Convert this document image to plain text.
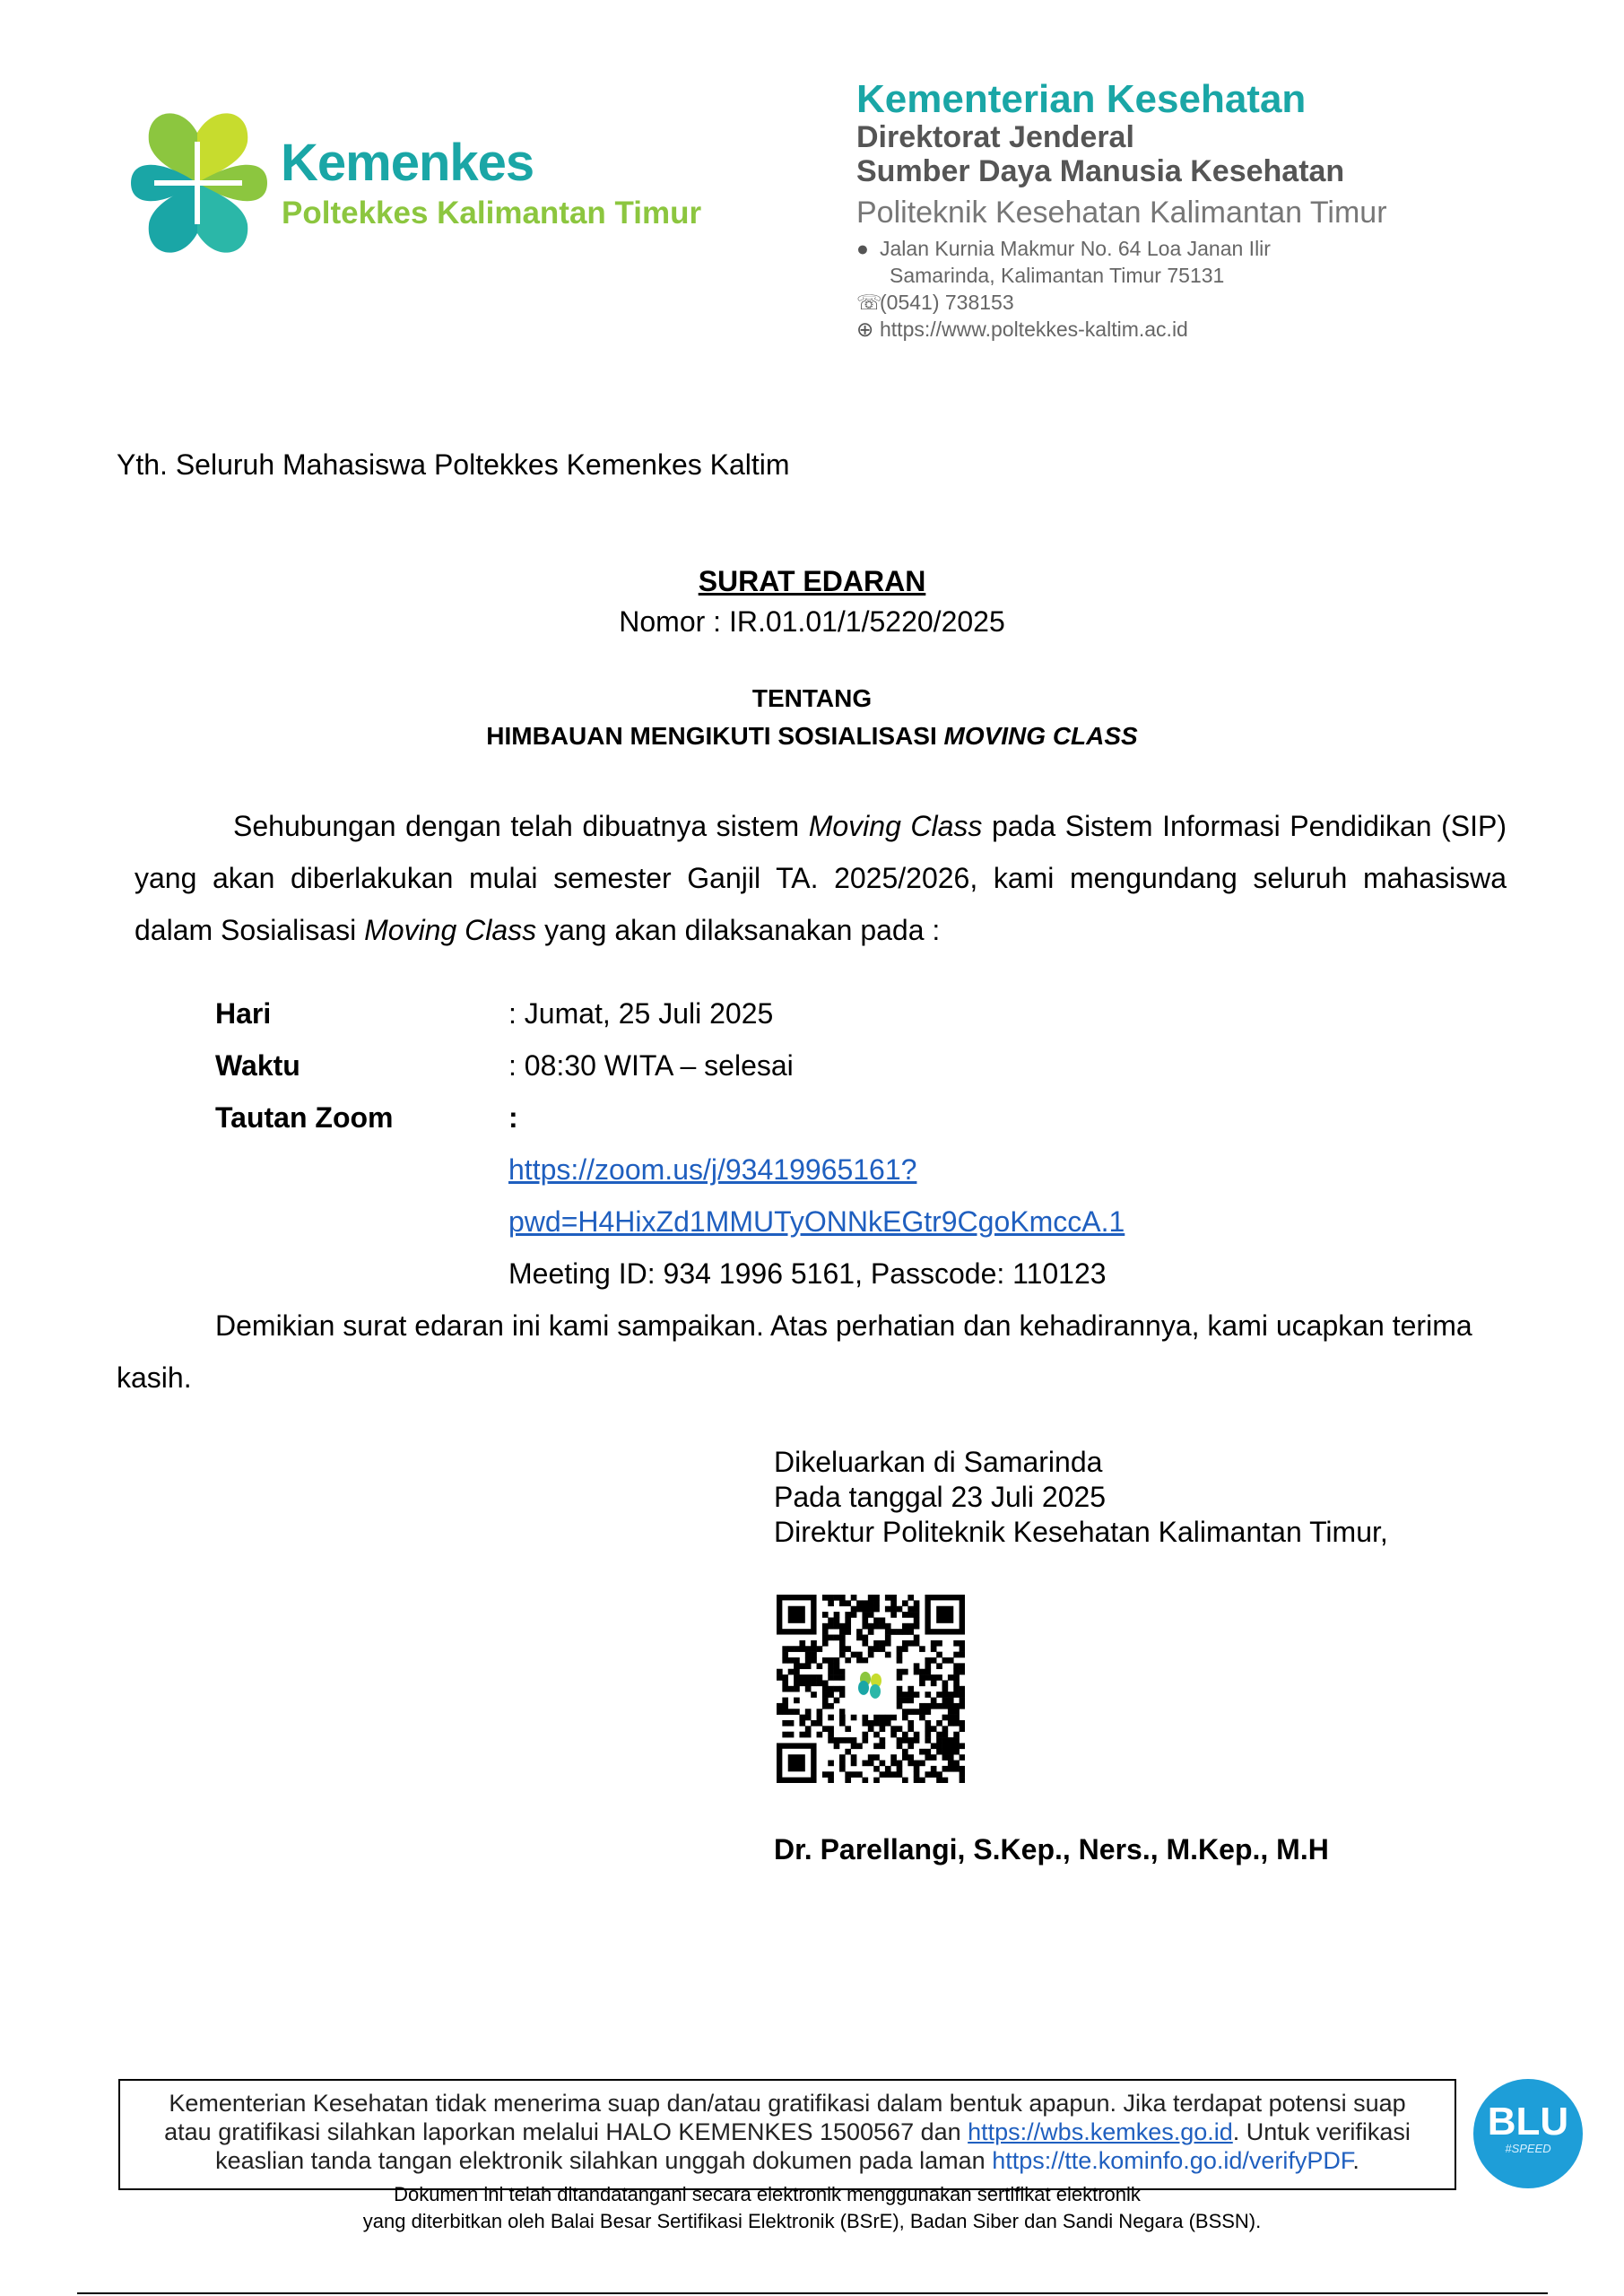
Kemenkes
Poltekkes Kalimantan Timur
Kementerian Kesehatan
Direktorat Jenderal
Sumber Daya Manusia Kesehatan
Politeknik Kesehatan Kalimantan Timur
● Jalan Kurnia Makmur No. 64 Loa Janan Ilir
Samarinda, Kalimantan Timur 75131
☏(0541) 738153
⊕ https://www.poltekkes-kaltim.ac.id
Yth. Seluruh Mahasiswa Poltekkes Kemenkes Kaltim
SURAT EDARAN
Nomor : IR.01.01/1/5220/2025
TENTANG
HIMBAUAN MENGIKUTI SOSIALISASI MOVING CLASS
Sehubungan dengan telah dibuatnya sistem Moving Class pada Sistem Informasi Pendidikan (SIP) yang akan diberlakukan mulai semester Ganjil TA. 2025/2026, kami mengundang seluruh mahasiswa dalam Sosialisasi Moving Class yang akan dilaksanakan pada :
Hari	: Jumat, 25 Juli 2025
Waktu	: 08:30 WITA – selesai
Tautan Zoom	:
https://zoom.us/j/93419965161?
pwd=H4HixZd1MMUTyONNkEGtr9CgoKmccA.1
Meeting ID: 934 1996 5161, Passcode: 110123
Demikian surat edaran ini kami sampaikan. Atas perhatian dan kehadirannya, kami ucapkan terima
kasih.
Dikeluarkan di Samarinda
Pada tanggal 23 Juli 2025
Direktur Politeknik Kesehatan Kalimantan Timur,
Dr. Parellangi, S.Kep., Ners., M.Kep., M.H
Kementerian Kesehatan tidak menerima suap dan/atau gratifikasi dalam bentuk apapun. Jika terdapat potensi suap
atau gratifikasi silahkan laporkan melalui HALO KEMENKES 1500567 dan https://wbs.kemkes.go.id. Untuk verifikasi
keaslian tanda tangan elektronik silahkan unggah dokumen pada laman https://tte.kominfo.go.id/verifyPDF.
Dokumen ini telah ditandatangani secara elektronik menggunakan sertifikat elektronik
yang diterbitkan oleh Balai Besar Sertifikasi Elektronik (BSrE), Badan Siber dan Sandi Negara (BSSN).
BLU
#SPEED
